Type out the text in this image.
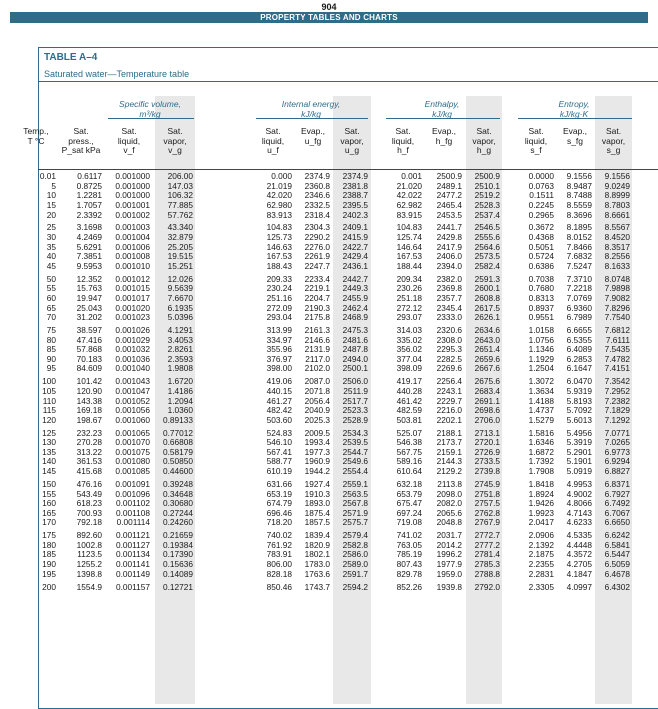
904
PROPERTY TABLES AND CHARTS
TABLE A–4
Saturated water—Temperature table
Specific volume,
m³/kg
Internal energy,
kJ/kg
Enthalpy,
kJ/kg
Entropy,
kJ/kg·K
Temp.,
T °C
Sat.
press.,
P_sat kPa
Sat.
liquid,
v_f
Sat.
vapor,
v_g
Sat.
liquid,
u_f
Evap.,
u_fg
Sat.
vapor,
u_g
Sat.
liquid,
h_f
Evap.,
h_fg
Sat.
vapor,
h_g
Sat.
liquid,
s_f
Evap.,
s_fg
Sat.
vapor,
s_g
0.01	0.6117	0.001000	206.00	0.000	2374.9	2374.9	0.001	2500.9	2500.9	0.0000	9.1556	9.1556
5	0.8725	0.001000	147.03	21.019	2360.8	2381.8	21.020	2489.1	2510.1	0.0763	8.9487	9.0249
10	1.2281	0.001000	106.32	42.020	2346.6	2388.7	42.022	2477.2	2519.2	0.1511	8.7488	8.8999
15	1.7057	0.001001	77.885	62.980	2332.5	2395.5	62.982	2465.4	2528.3	0.2245	8.5559	8.7803
20	2.3392	0.001002	57.762	83.913	2318.4	2402.3	83.915	2453.5	2537.4	0.2965	8.3696	8.6661
25	3.1698	0.001003	43.340	104.83	2304.3	2409.1	104.83	2441.7	2546.5	0.3672	8.1895	8.5567
30	4.2469	0.001004	32.879	125.73	2290.2	2415.9	125.74	2429.8	2555.6	0.4368	8.0152	8.4520
35	5.6291	0.001006	25.205	146.63	2276.0	2422.7	146.64	2417.9	2564.6	0.5051	7.8466	8.3517
40	7.3851	0.001008	19.515	167.53	2261.9	2429.4	167.53	2406.0	2573.5	0.5724	7.6832	8.2556
45	9.5953	0.001010	15.251	188.43	2247.7	2436.1	188.44	2394.0	2582.4	0.6386	7.5247	8.1633
50	12.352	0.001012	12.026	209.33	2233.4	2442.7	209.34	2382.0	2591.3	0.7038	7.3710	8.0748
55	15.763	0.001015	9.5639	230.24	2219.1	2449.3	230.26	2369.8	2600.1	0.7680	7.2218	7.9898
60	19.947	0.001017	7.6670	251.16	2204.7	2455.9	251.18	2357.7	2608.8	0.8313	7.0769	7.9082
65	25.043	0.001020	6.1935	272.09	2190.3	2462.4	272.12	2345.4	2617.5	0.8937	6.9360	7.8296
70	31.202	0.001023	5.0396	293.04	2175.8	2468.9	293.07	2333.0	2626.1	0.9551	6.7989	7.7540
75	38.597	0.001026	4.1291	313.99	2161.3	2475.3	314.03	2320.6	2634.6	1.0158	6.6655	7.6812
80	47.416	0.001029	3.4053	334.97	2146.6	2481.6	335.02	2308.0	2643.0	1.0756	6.5355	7.6111
85	57.868	0.001032	2.8261	355.96	2131.9	2487.8	356.02	2295.3	2651.4	1.1346	6.4089	7.5435
90	70.183	0.001036	2.3593	376.97	2117.0	2494.0	377.04	2282.5	2659.6	1.1929	6.2853	7.4782
95	84.609	0.001040	1.9808	398.00	2102.0	2500.1	398.09	2269.6	2667.6	1.2504	6.1647	7.4151
100	101.42	0.001043	1.6720	419.06	2087.0	2506.0	419.17	2256.4	2675.6	1.3072	6.0470	7.3542
105	120.90	0.001047	1.4186	440.15	2071.8	2511.9	440.28	2243.1	2683.4	1.3634	5.9319	7.2952
110	143.38	0.001052	1.2094	461.27	2056.4	2517.7	461.42	2229.7	2691.1	1.4188	5.8193	7.2382
115	169.18	0.001056	1.0360	482.42	2040.9	2523.3	482.59	2216.0	2698.6	1.4737	5.7092	7.1829
120	198.67	0.001060	0.89133	503.60	2025.3	2528.9	503.81	2202.1	2706.0	1.5279	5.6013	7.1292
125	232.23	0.001065	0.77012	524.83	2009.5	2534.3	525.07	2188.1	2713.1	1.5816	5.4956	7.0771
130	270.28	0.001070	0.66808	546.10	1993.4	2539.5	546.38	2173.7	2720.1	1.6346	5.3919	7.0265
135	313.22	0.001075	0.58179	567.41	1977.3	2544.7	567.75	2159.1	2726.9	1.6872	5.2901	6.9773
140	361.53	0.001080	0.50850	588.77	1960.9	2549.6	589.16	2144.3	2733.5	1.7392	5.1901	6.9294
145	415.68	0.001085	0.44600	610.19	1944.2	2554.4	610.64	2129.2	2739.8	1.7908	5.0919	6.8827
150	476.16	0.001091	0.39248	631.66	1927.4	2559.1	632.18	2113.8	2745.9	1.8418	4.9953	6.8371
155	543.49	0.001096	0.34648	653.19	1910.3	2563.5	653.79	2098.0	2751.8	1.8924	4.9002	6.7927
160	618.23	0.001102	0.30680	674.79	1893.0	2567.8	675.47	2082.0	2757.5	1.9426	4.8066	6.7492
165	700.93	0.001108	0.27244	696.46	1875.4	2571.9	697.24	2065.6	2762.8	1.9923	4.7143	6.7067
170	792.18	0.001114	0.24260	718.20	1857.5	2575.7	719.08	2048.8	2767.9	2.0417	4.6233	6.6650
175	892.60	0.001121	0.21659	740.02	1839.4	2579.4	741.02	2031.7	2772.7	2.0906	4.5335	6.6242
180	1002.8	0.001127	0.19384	761.92	1820.9	2582.8	763.05	2014.2	2777.2	2.1392	4.4448	6.5841
185	1123.5	0.001134	0.17390	783.91	1802.1	2586.0	785.19	1996.2	2781.4	2.1875	4.3572	6.5447
190	1255.2	0.001141	0.15636	806.00	1783.0	2589.0	807.43	1977.9	2785.3	2.2355	4.2705	6.5059
195	1398.8	0.001149	0.14089	828.18	1763.6	2591.7	829.78	1959.0	2788.8	2.2831	4.1847	6.4678
200	1554.9	0.001157	0.12721	850.46	1743.7	2594.2	852.26	1939.8	2792.0	2.3305	4.0997	6.4302
